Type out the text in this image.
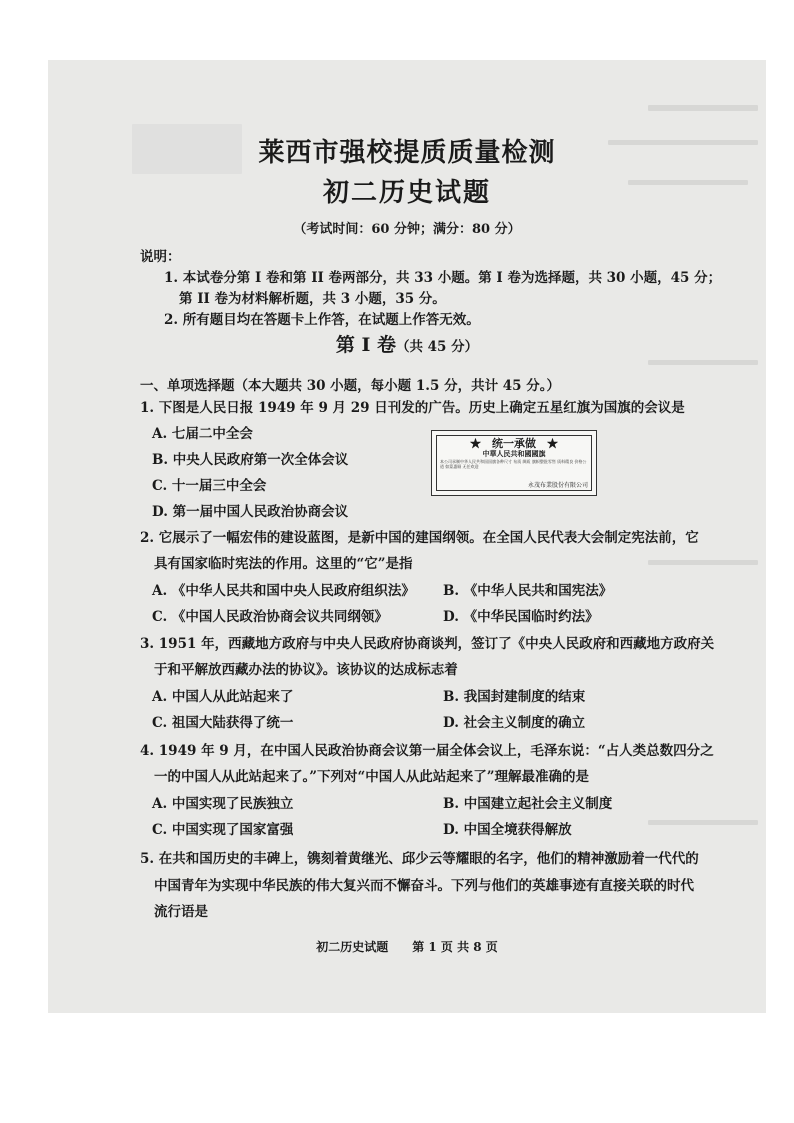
莱西市强校提质质量检测
初二历史试题
（考试时间：60 分钟；满分：80 分）
说明：
1. 本试卷分第 I 卷和第 II 卷两部分，共 33 小题。第 I 卷为选择题，共 30 小题，45 分；
第 II 卷为材料解析题，共 3 小题，35 分。
2. 所有题目均在答题卡上作答，在试题上作答无效。
第 I 卷（共 45 分）
一、单项选择题（本大题共 30 小题，每小题 1.5 分，共计 45 分。）
1. 下图是人民日报 1949 年 9 月 29 日刊发的广告。历史上确定五星红旗为国旗的会议是
A. 七届二中全会
B. 中央人民政府第一次全体会议
C. 十一届三中全会
D. 第一届中国人民政治协商会议
★　统一承做　★
中華人民共和國國旗
本公司承制中华人民共和国国旗各种尺寸 布质 绸质 旗帜整批零售 质料精良 价格公道 如蒙惠顾 无任欢迎
永茂布業股份有限公司
2. 它展示了一幅宏伟的建设蓝图，是新中国的建国纲领。在全国人民代表大会制定宪法前，它
具有国家临时宪法的作用。这里的“它”是指
A. 《中华人民共和国中央人民政府组织法》 B. 《中华人民共和国宪法》
C. 《中国人民政治协商会议共同纲领》	D. 《中华民国临时约法》
3. 1951 年，西藏地方政府与中央人民政府协商谈判，签订了《中央人民政府和西藏地方政府关
于和平解放西藏办法的协议》。该协议的达成标志着
A. 中国人从此站起来了	B. 我国封建制度的结束
C. 祖国大陆获得了统一	D. 社会主义制度的确立
4. 1949 年 9 月，在中国人民政治协商会议第一届全体会议上，毛泽东说：“占人类总数四分之
一的中国人从此站起来了。”下列对“中国人从此站起来了”理解最准确的是
A. 中国实现了民族独立	B. 中国建立起社会主义制度
C. 中国实现了国家富强	D. 中国全境获得解放
5. 在共和国历史的丰碑上，镌刻着黄继光、邱少云等耀眼的名字，他们的精神激励着一代代的
中国青年为实现中华民族的伟大复兴而不懈奋斗。下列与他们的英雄事迹有直接关联的时代
流行语是
初二历史试题　　第 1 页 共 8 页
